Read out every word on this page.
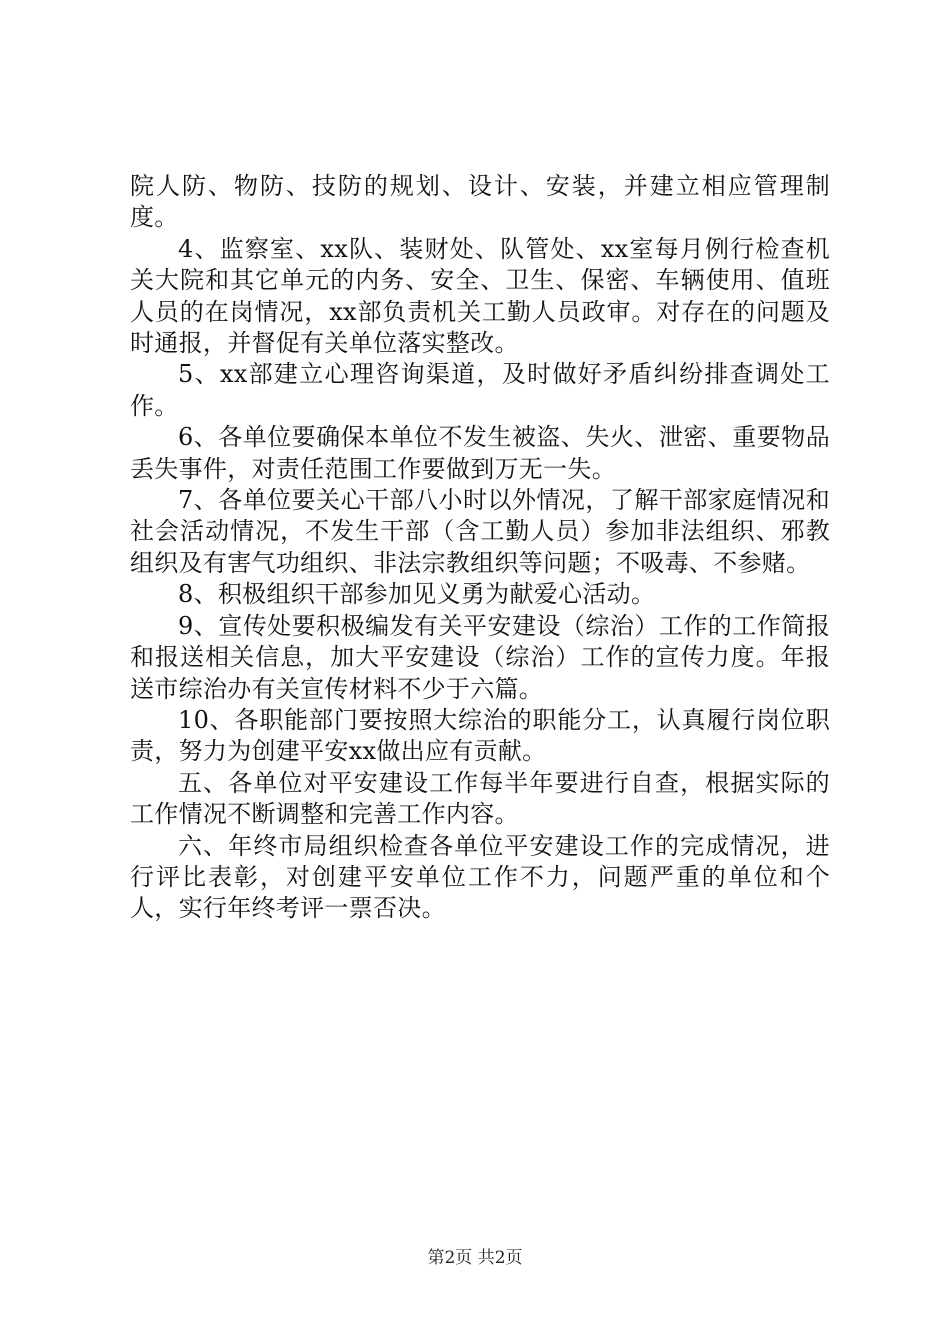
院人防、物防、技防的规划、设计、安装，并建立相应管理制度。

4、监察室、xx队、装财处、队管处、xx室每月例行检查机关大院和其它单元的内务、安全、卫生、保密、车辆使用、值班人员的在岗情况，xx部负责机关工勤人员政审。对存在的问题及时通报，并督促有关单位落实整改。

5、xx部建立心理咨询渠道，及时做好矛盾纠纷排查调处工作。

6、各单位要确保本单位不发生被盗、失火、泄密、重要物品丢失事件，对责任范围工作要做到万无一失。

7、各单位要关心干部八小时以外情况，了解干部家庭情况和社会活动情况，不发生干部（含工勤人员）参加非法组织、邪教组织及有害气功组织、非法宗教组织等问题；不吸毒、不参赌。

8、积极组织干部参加见义勇为献爱心活动。

9、宣传处要积极编发有关平安建设（综治）工作的工作简报和报送相关信息，加大平安建设（综治）工作的宣传力度。年报送市综治办有关宣传材料不少于六篇。

10、各职能部门要按照大综治的职能分工，认真履行岗位职责，努力为创建平安xx做出应有贡献。

五、各单位对平安建设工作每半年要进行自查，根据实际的工作情况不断调整和完善工作内容。

六、年终市局组织检查各单位平安建设工作的完成情况，进行评比表彰，对创建平安单位工作不力，问题严重的单位和个人，实行年终考评一票否决。

第2页 共2页
